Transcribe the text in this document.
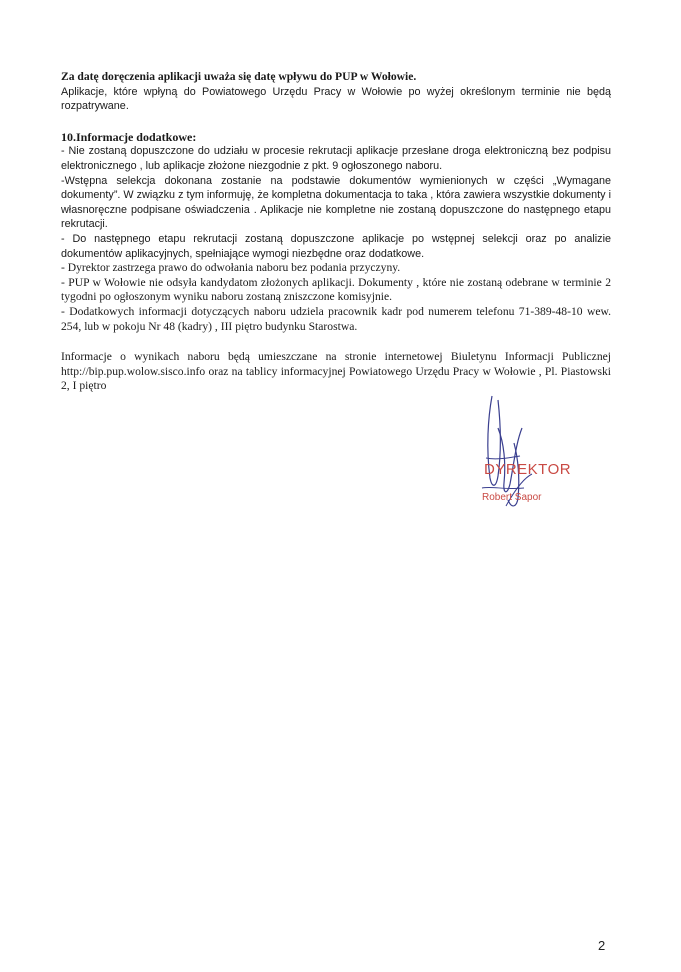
Za datę doręczenia aplikacji uważa się datę wpływu do PUP w Wołowie.

Aplikacje, które wpłyną do Powiatowego Urzędu Pracy w Wołowie po wyżej określonym terminie nie będą rozpatrywane.

10.Informacje dodatkowe:

- Nie zostaną dopuszczone do udziału w procesie rekrutacji aplikacje przesłane droga elektroniczną bez podpisu elektronicznego , lub aplikacje złożone niezgodnie z pkt. 9 ogłoszonego naboru.

-Wstępna selekcja dokonana zostanie na podstawie dokumentów wymienionych w części „Wymagane dokumenty”. W związku z tym informuję, że kompletna dokumentacja to taka , która zawiera wszystkie dokumenty i własnoręczne podpisane oświadczenia . Aplikacje nie kompletne nie zostaną dopuszczone do następnego etapu rekrutacji.

- Do następnego etapu rekrutacji zostaną dopuszczone aplikacje po wstępnej selekcji oraz po analizie dokumentów aplikacyjnych, spełniające wymogi niezbędne oraz dodatkowe.

- Dyrektor zastrzega prawo do odwołania naboru bez podania przyczyny.

- PUP w Wołowie nie odsyła kandydatom złożonych aplikacji. Dokumenty , które nie zostaną odebrane w terminie 2 tygodni po ogłoszonym wyniku naboru zostaną zniszczone komisyjnie.

- Dodatkowych informacji dotyczących naboru udziela pracownik kadr pod numerem telefonu 71-389-48-10 wew. 254, lub w pokoju Nr 48 (kadry) , III piętro budynku Starostwa.

Informacje o wynikach naboru będą umieszczane na stronie internetowej Biuletynu Informacji Publicznej http://bip.pup.wolow.sisco.info oraz na tablicy informacyjnej Powiatowego Urzędu Pracy w Wołowie , Pl. Piastowski 2, I piętro

DYREKTOR
Robert Sapor
2
